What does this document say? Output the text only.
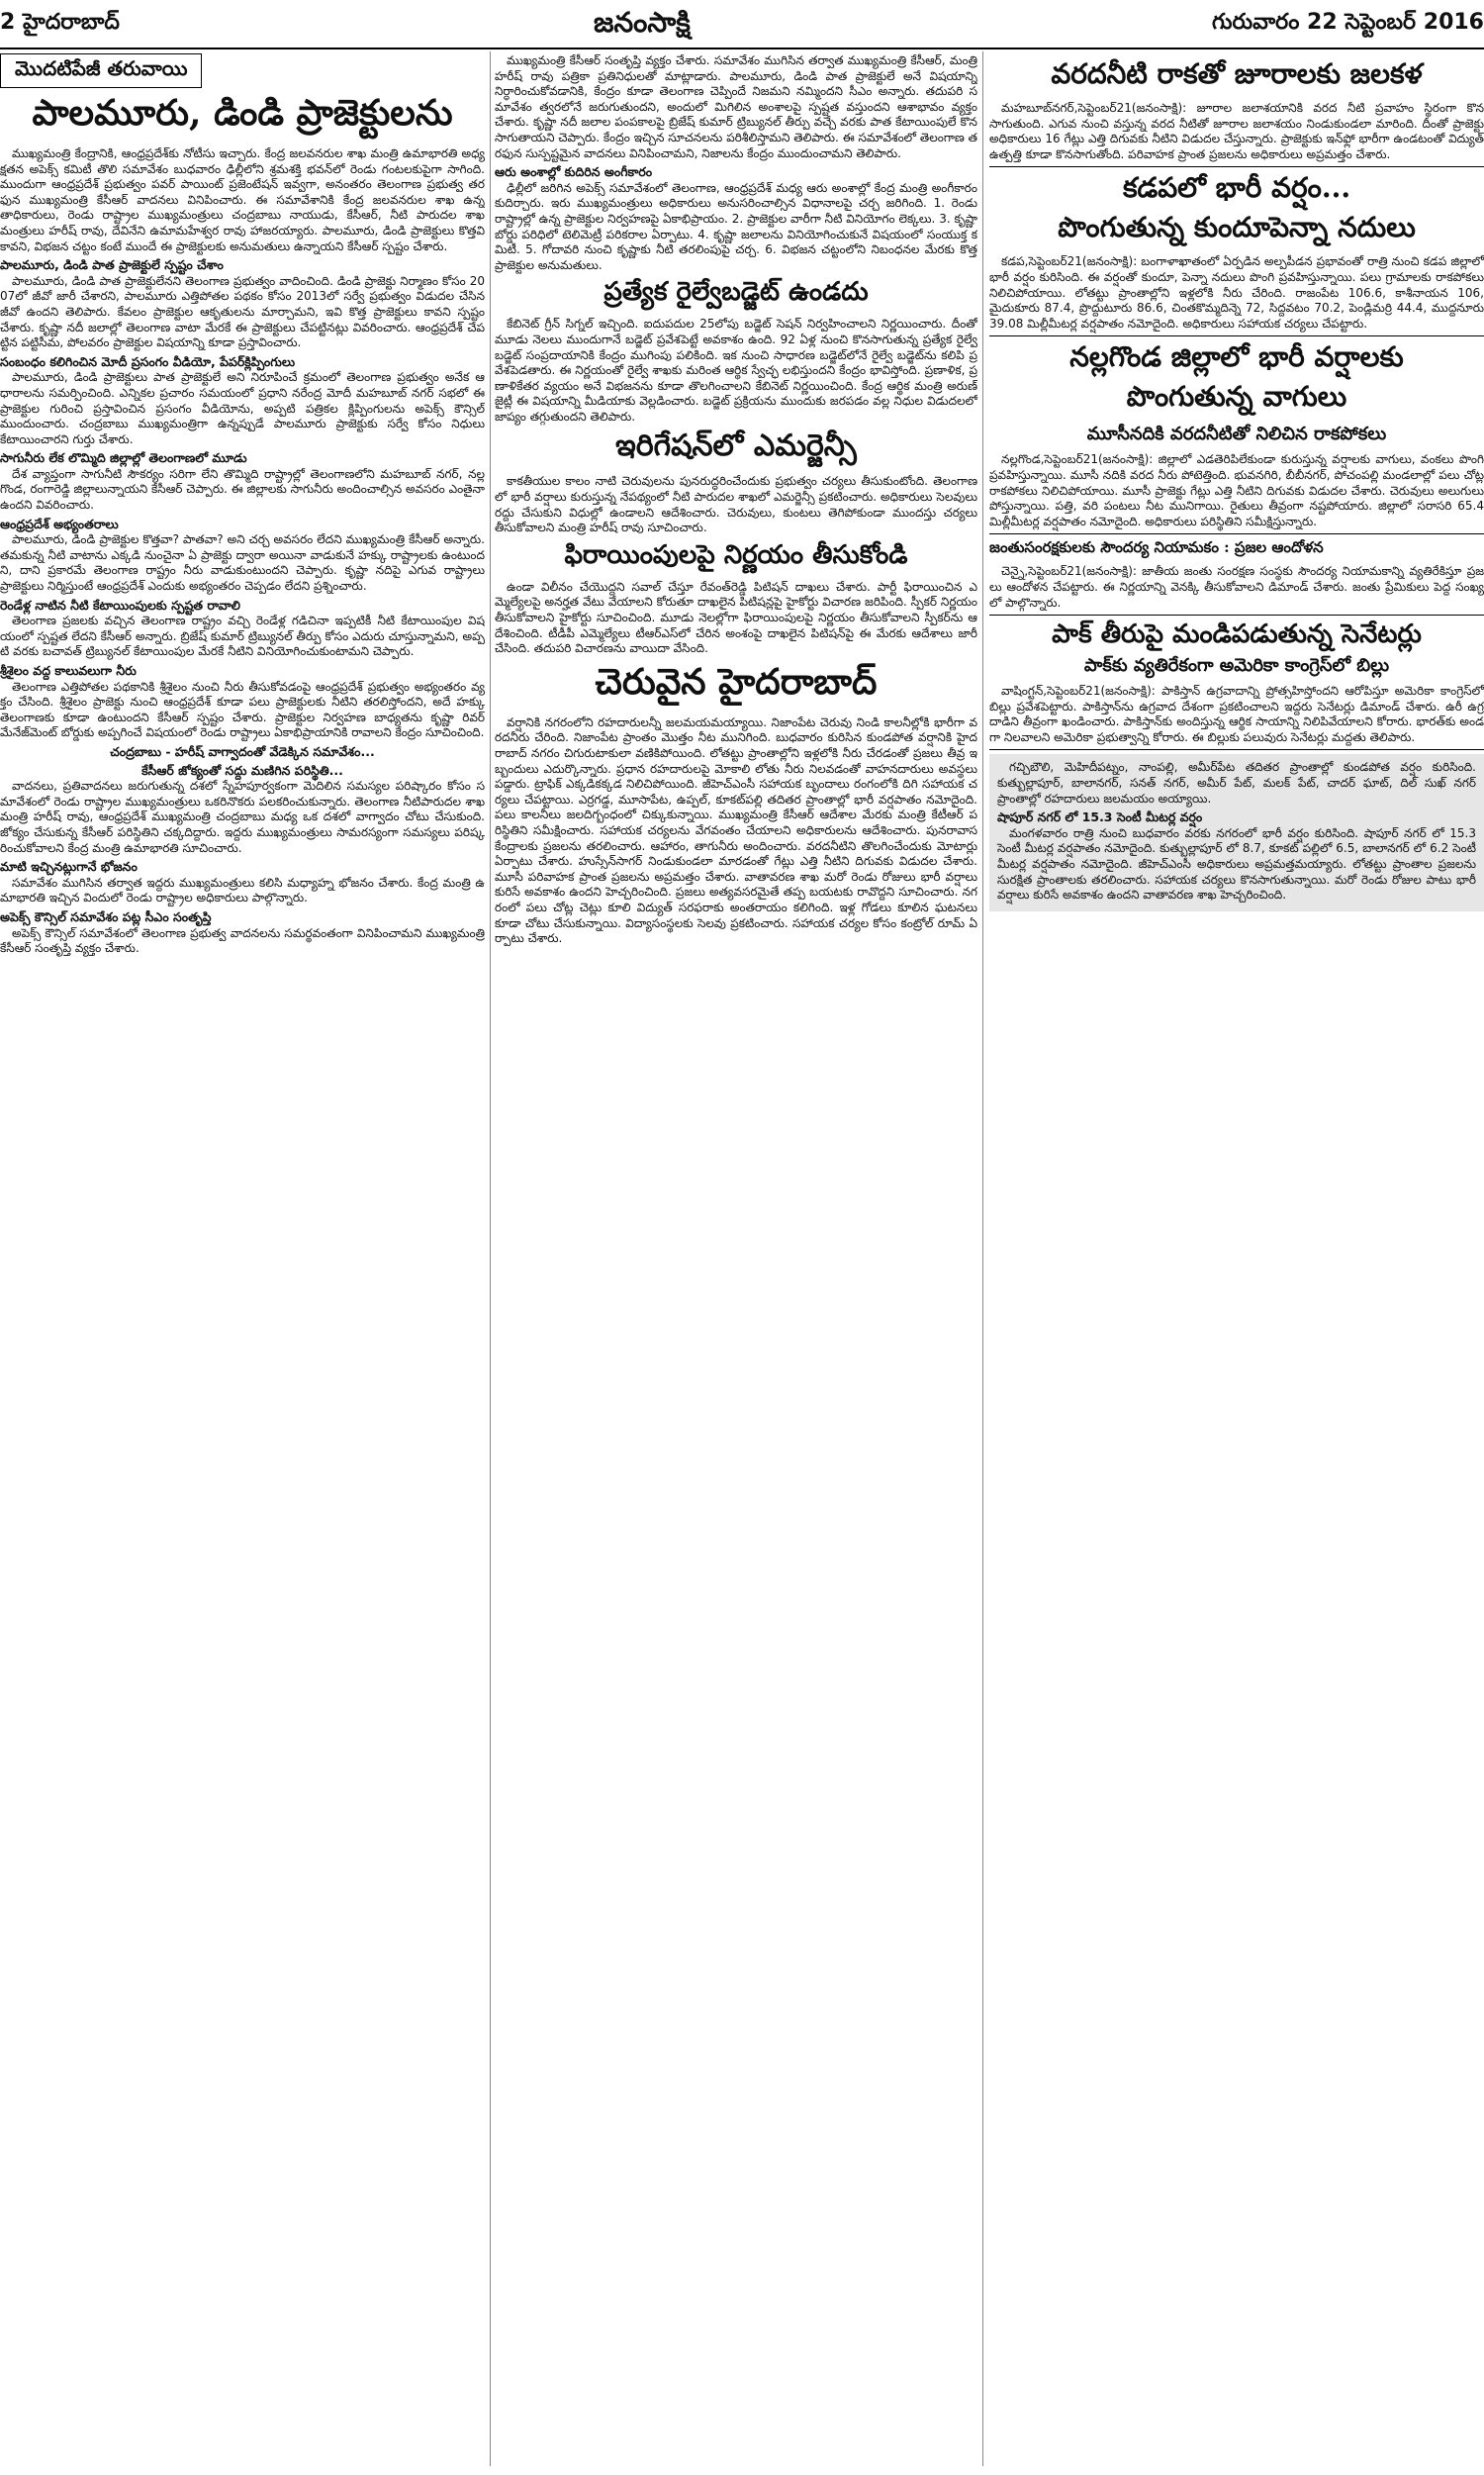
2 హైదరాబాద్	జనంసాక్షి	గురువారం 22 సెప్టెంబర్ 2016
మొదటిపేజీ తరువాయి
పాలమూరు, డిండి ప్రాజెక్టులను

ముఖ్యమంత్రి కేంద్రానికి, ఆంధ్రప్రదేశ్‌కు నోటీసు ఇచ్చారు. కేంద్ర జలవనరుల శాఖ మంత్రి ఉమాభారతి అధ్యక్షతన అపెక్స్‌ కమిటీ తొలి సమావేశం బుధవారం ఢిల్లీలోని శ్రమశక్తి భవన్‌లో రెండు గంటలకుపైగా సాగింది. ముందుగా ఆంధ్రప్రదేశ్‌ ప్రభుత్వం పవర్‌ పాయింట్‌ ప్రజెంటేషన్‌ ఇవ్వగా, అనంతరం తెలంగాణ ప్రభుత్వ తరఫున ముఖ్యమంత్రి కేసీఆర్‌ వాదనలు వినిపించారు. ఈ సమావేశానికి కేంద్ర జలవనరుల శాఖ ఉన్నతాధికారులు, రెండు రాష్ట్రాల ముఖ్యమంత్రులు చంద్రబాబు నాయుడు, కేసీఆర్‌, నీటి పారుదల శాఖ మంత్రులు హరీష్‌ రావు, దేవినేని ఉమామహేశ్వర రావు హాజరయ్యారు. పాలమూరు, డిండి ప్రాజెక్టులు కొత్తవి కావని, విభజన చట్టం కంటే ముందే ఈ ప్రాజెక్టులకు అనుమతులు ఉన్నాయని కేసీఆర్‌ స్పష్టం చేశారు.

పాలమూరు, డిండి పాత ప్రాజెక్టులే స్పష్టం చేశాం

పాలమూరు, డిండి పాత ప్రాజెక్టులేనని తెలంగాణ ప్రభుత్వం వాదించింది. డిండి ప్రాజెక్టు నిర్మాణం కోసం 2007లో జీవో జారీ చేశారని, పాలమూరు ఎత్తిపోతల పథకం కోసం 2013లో సర్వే ప్రభుత్వం విడుదల చేసిన జీవో ఉందని తెలిపారు. కేవలం ప్రాజెక్టుల ఆకృతులను మార్చామని, ఇవి కొత్త ప్రాజెక్టులు కావని స్పష్టం చేశారు. కృష్ణా నదీ జలాల్లో తెలంగాణ వాటా మేరకే ఈ ప్రాజెక్టులు చేపట్టినట్లు వివరించారు. ఆంధ్రప్రదేశ్‌ చేపట్టిన పట్టిసీమ, పోలవరం ప్రాజెక్టుల విషయాన్ని కూడా ప్రస్తావించారు.

సంబంధం కలిగించిన మోదీ ప్రసంగం వీడియో, పేపర్‌క్లిప్పింగులు

పాలమూరు, డిండి ప్రాజెక్టులు పాత ప్రాజెక్టులే అని నిరూపించే క్రమంలో తెలంగాణ ప్రభుత్వం అనేక ఆధారాలను సమర్పించింది. ఎన్నికల ప్రచారం సమయంలో ప్రధాని నరేంద్ర మోదీ మహబూబ్‌ నగర్‌ సభలో ఈ ప్రాజెక్టుల గురించి ప్రస్తావించిన ప్రసంగం వీడియోను, అప్పటి పత్రికల క్లిప్పింగులను అపెక్స్‌ కౌన్సిల్‌ ముందుంచారు. చంద్రబాబు ముఖ్యమంత్రిగా ఉన్నప్పుడే పాలమూరు ప్రాజెక్టుకు సర్వే కోసం నిధులు కేటాయించారని గుర్తు చేశారు.

సాగునీరు లేక లొమ్మిది జిల్లాల్లో తెలంగాణలో మూడు

దేశ వ్యాప్తంగా సాగునీటి సౌకర్యం సరిగా లేని తొమ్మిది రాష్ట్రాల్లో తెలంగాణలోని మహబూబ్‌ నగర్‌, నల్లగొండ, రంగారెడ్డి జిల్లాలున్నాయని కేసీఆర్‌ చెప్పారు. ఈ జిల్లాలకు సాగునీరు అందించాల్సిన అవసరం ఎంతైనా ఉందని వివరించారు.

ఆంధ్రప్రదేశ్‌ అభ్యంతరాలు

పాలమూరు, డిండి ప్రాజెక్టుల కొత్తవా? పాతవా? అని చర్చ అవసరం లేదని ముఖ్యమంత్రి కేసీఆర్‌ అన్నారు. తమకున్న నీటి వాటాను ఎక్కడి నుంచైనా ఏ ప్రాజెక్టు ద్వారా అయినా వాడుకునే హక్కు రాష్ట్రాలకు ఉంటుందని, దాని ప్రకారమే తెలంగాణ రాష్ట్రం నీరు వాడుకుంటుందని చెప్పారు. కృష్ణా నదిపై ఎగువ రాష్ట్రాలు ప్రాజెక్టులు నిర్మిస్తుంటే ఆంధ్రప్రదేశ్‌ ఎందుకు అభ్యంతరం చెప్పడం లేదని ప్రశ్నించారు.

రెండేళ్ల నాటిన నీటి కేటాయింపులకు స్పష్టత రావాలి

తెలంగాణ ప్రజలకు వచ్చిన తెలంగాణ రాష్ట్రం వచ్చి రెండేళ్ల గడిచినా ఇప్పటికీ నీటి కేటాయింపుల విషయంలో స్పష్టత లేదని కేసీఆర్‌ అన్నారు. బ్రిజేష్‌ కుమార్‌ ట్రిబ్యునల్‌ తీర్పు కోసం ఎదురు చూస్తున్నామని, అప్పటి వరకు బచావత్‌ ట్రిబ్యునల్‌ కేటాయింపుల మేరకే నీటిని వినియోగించుకుంటామని చెప్పారు.

శ్రీశైలం వద్ద కాలువలుగా నీరు

తెలంగాణ ఎత్తిపోతల పథకానికి శ్రీశైలం నుంచి నీరు తీసుకోవడంపై ఆంధ్రప్రదేశ్‌ ప్రభుత్వం అభ్యంతరం వ్యక్తం చేసింది. శ్రీశైలం ప్రాజెక్టు నుంచి ఆంధ్రప్రదేశ్‌ కూడా పలు ప్రాజెక్టులకు నీటిని తరలిస్తోందని, అదే హక్కు తెలంగాణకు కూడా ఉంటుందని కేసీఆర్‌ స్పష్టం చేశారు. ప్రాజెక్టుల నిర్వహణ బాధ్యతను కృష్ణా రివర్‌ మేనేజ్‌మెంట్‌ బోర్డుకు అప్పగించే విషయంలో రెండు రాష్ట్రాలు ఏకాభిప్రాయానికి రావాలని కేంద్రం సూచించింది.

చంద్రబాబు - హరీష్‌ వాగ్వాదంతో వేడెక్కిన సమావేశం...
కేసీఆర్‌ జోక్యంతో సద్దు మణిగిన పరిస్థితి...

వాదనలు, ప్రతివాదనలు జరుగుతున్న దశలో స్నేహపూర్వకంగా మెదిలిన సమస్యల పరిష్కారం కోసం సమావేశంలో రెండు రాష్ట్రాల ముఖ్యమంత్రులు ఒకరినొకరు పలకరించుకున్నారు. తెలంగాణ నీటిపారుదల శాఖ మంత్రి హరీష్‌ రావు, ఆంధ్రప్రదేశ్‌ ముఖ్యమంత్రి చంద్రబాబు మధ్య ఒక దశలో వాగ్వాదం చోటు చేసుకుంది. జోక్యం చేసుకున్న కేసీఆర్‌ పరిస్థితిని చక్కదిద్దారు. ఇద్దరు ముఖ్యమంత్రులు సామరస్యంగా సమస్యలు పరిష్కరించుకోవాలని కేంద్ర మంత్రి ఉమాభారతి సూచించారు.

మాటి ఇచ్చినట్లుగానే భోజనం

సమావేశం ముగిసిన తర్వాత ఇద్దరు ముఖ్యమంత్రులు కలిసి మధ్యాహ్న భోజనం చేశారు. కేంద్ర మంత్రి ఉమాభారతి ఇచ్చిన విందులో రెండు రాష్ట్రాల అధికారులు పాల్గొన్నారు.

అపెక్స్‌ కౌన్సిల్‌ సమావేశం పట్ల సీఎం సంతృప్తి

అపెక్స్‌ కౌన్సిల్‌ సమావేశంలో తెలంగాణ ప్రభుత్వ వాదనలను సమర్థవంతంగా వినిపించామని ముఖ్యమంత్రి కేసీఆర్‌ సంతృప్తి వ్యక్తం చేశారు.

ముఖ్యమంత్రి కేసీఆర్‌ సంతృప్తి వ్యక్తం చేశారు. సమావేశం ముగిసిన తర్వాత ముఖ్యమంత్రి కేసీఆర్‌, మంత్రి హరీష్‌ రావు పత్రికా ప్రతినిధులతో మాట్లాడారు. పాలమూరు, డిండి పాత ప్రాజెక్టులే అనే విషయాన్ని నిర్ధారించుకోవడానికి, కేంద్రం కూడా తెలంగాణ చెప్పిందే నిజమని నమ్మిందని సీఎం అన్నారు. తదుపరి సమావేశం త్వరలోనే జరుగుతుందని, అందులో మిగిలిన అంశాలపై స్పష్టత వస్తుందని ఆశాభావం వ్యక్తం చేశారు. కృష్ణా నదీ జలాల పంపకాలపై బ్రిజేష్‌ కుమార్‌ ట్రిబ్యునల్‌ తీర్పు వచ్చే వరకు పాత కేటాయింపులే కొనసాగుతాయని చెప్పారు. కేంద్రం ఇచ్చిన సూచనలను పరిశీలిస్తామని తెలిపారు. ఈ సమావేశంలో తెలంగాణ తరఫున సుస్పష్టమైన వాదనలు వినిపించామని, నిజాలను కేంద్రం ముందుంచామని తెలిపారు.

ఆరు అంశాల్లో కుదిరిన అంగీకారం

ఢిల్లీలో జరిగిన అపెక్స్‌ సమావేశంలో తెలంగాణ, ఆంధ్రప్రదేశ్‌ మధ్య ఆరు అంశాల్లో కేంద్ర మంత్రి అంగీకారం కుదిర్చారు. ఇరు ముఖ్యమంత్రులు అధికారులు అనుసరించాల్సిన విధానాలపై చర్చ జరిగింది. 1. రెండు రాష్ట్రాల్లో ఉన్న ప్రాజెక్టుల నిర్వహణపై ఏకాభిప్రాయం. 2. ప్రాజెక్టుల వారీగా నీటి వినియోగం లెక్కలు. 3. కృష్ణా బోర్డు పరిధిలో టెలిమెట్రీ పరికరాల ఏర్పాటు. 4. కృష్ణా జలాలను వినియోగించుకునే విషయంలో సంయుక్త కమిటీ. 5. గోదావరి నుంచి కృష్ణాకు నీటి తరలింపుపై చర్చ. 6. విభజన చట్టంలోని నిబంధనల మేరకు కొత్త ప్రాజెక్టుల అనుమతులు.

ప్రత్యేక రైల్వేబడ్జెట్‌ ఉండదు

కేబినెట్‌ గ్రీన్‌ సిగ్నల్‌ ఇచ్చింది. ఐదుపదుల 25లోపు బడ్జెట్‌ సెషన్‌ నిర్వహించాలని నిర్ణయించారు. దీంతో మూడు నెలలు ముందుగానే బడ్జెట్‌ ప్రవేశపెట్టే అవకాశం ఉంది. 92 ఏళ్ల నుంచి కొనసాగుతున్న ప్రత్యేక రైల్వే బడ్జెట్‌ సంప్రదాయానికి కేంద్రం ముగింపు పలికింది. ఇక నుంచి సాధారణ బడ్జెట్‌లోనే రైల్వే బడ్జెట్‌ను కలిపి ప్రవేశపెడతారు. ఈ నిర్ణయంతో రైల్వే శాఖకు మరింత ఆర్థిక స్వేచ్ఛ లభిస్తుందని కేంద్రం భావిస్తోంది. ప్రణాళిక, ప్రణాళికేతర వ్యయం అనే విభజనను కూడా తొలగించాలని కేబినెట్‌ నిర్ణయించింది. కేంద్ర ఆర్థిక మంత్రి అరుణ్‌ జైట్లీ ఈ విషయాన్ని మీడియాకు వెల్లడించారు. బడ్జెట్‌ ప్రక్రియను ముందుకు జరపడం వల్ల నిధుల విడుదలలో జాప్యం తగ్గుతుందని తెలిపారు.

ఇరిగేషన్‌లో ఎమర్జెన్సీ

కాకతీయుల కాలం నాటి చెరువులను పునరుద్ధరించేందుకు ప్రభుత్వం చర్యలు తీసుకుంటోంది. తెలంగాణలో భారీ వర్షాలు కురుస్తున్న నేపథ్యంలో నీటి పారుదల శాఖలో ఎమర్జెన్సీ ప్రకటించారు. అధికారులు సెలవులు రద్దు చేసుకుని విధుల్లో ఉండాలని ఆదేశించారు. చెరువులు, కుంటలు తెగిపోకుండా ముందస్తు చర్యలు తీసుకోవాలని మంత్రి హరీష్‌ రావు సూచించారు.

ఫిరాయింపులపై నిర్ణయం తీసుకోండి

ఉండా విలీనం చేయొద్దని సవాల్‌ చేస్తూ రేవంత్‌రెడ్డి పిటిషన్‌ దాఖలు చేశారు. పార్టీ ఫిరాయించిన ఎమ్మెల్యేలపై అనర్హత వేటు వేయాలని కోరుతూ దాఖలైన పిటిషన్లపై హైకోర్టు విచారణ జరిపింది. స్పీకర్‌ నిర్ణయం తీసుకోవాలని హైకోర్టు సూచించింది. మూడు నెలల్లోగా ఫిరాయింపులపై నిర్ణయం తీసుకోవాలని స్పీకర్‌ను ఆదేశించింది. టీడీపీ ఎమ్మెల్యేలు టీఆర్‌ఎస్‌లో చేరిన అంశంపై దాఖలైన పిటిషన్‌పై ఈ మేరకు ఆదేశాలు జారీ చేసింది. తదుపరి విచారణను వాయిదా వేసింది.

చెరువైన హైదరాబాద్‌

వర్షానికి నగరంలోని రహదారులన్నీ జలమయమయ్యాయి. నిజాంపేట చెరువు నిండి కాలనీల్లోకి భారీగా వరదనీరు చేరింది. నిజాంపేట ప్రాంతం మొత్తం నీట మునిగింది. బుధవారం కురిసిన కుండపోత వర్షానికి హైదరాబాద్‌ నగరం చిగురుటాకులా వణికిపోయింది. లోతట్టు ప్రాంతాల్లోని ఇళ్లలోకి నీరు చేరడంతో ప్రజలు తీవ్ర ఇబ్బందులు ఎదుర్కొన్నారు. ప్రధాన రహదారులపై మోకాలి లోతు నీరు నిలవడంతో వాహనదారులు అవస్థలు పడ్డారు. ట్రాఫిక్‌ ఎక్కడికక్కడ నిలిచిపోయింది. జీహెచ్‌ఎంసీ సహాయక బృందాలు రంగంలోకి దిగి సహాయక చర్యలు చేపట్టాయి. ఎర్రగడ్డ, మూసాపేట, ఉప్పల్‌, కూకట్‌పల్లి తదితర ప్రాంతాల్లో భారీ వర్షపాతం నమోదైంది. పలు కాలనీలు జలదిగ్బంధంలో చిక్కుకున్నాయి. ముఖ్యమంత్రి కేసీఆర్‌ ఆదేశాల మేరకు మంత్రి కేటీఆర్‌ పరిస్థితిని సమీక్షించారు. సహాయక చర్యలను వేగవంతం చేయాలని అధికారులను ఆదేశించారు. పునరావాస కేంద్రాలకు ప్రజలను తరలించారు. ఆహారం, తాగునీరు అందించారు. వరదనీటిని తొలగించేందుకు మోటార్లు ఏర్పాటు చేశారు. హుస్సేన్‌సాగర్‌ నిండుకుండలా మారడంతో గేట్లు ఎత్తి నీటిని దిగువకు విడుదల చేశారు. మూసీ పరివాహక ప్రాంత ప్రజలను అప్రమత్తం చేశారు. వాతావరణ శాఖ మరో రెండు రోజులు భారీ వర్షాలు కురిసే అవకాశం ఉందని హెచ్చరించింది. ప్రజలు అత్యవసరమైతే తప్ప బయటకు రావొద్దని సూచించారు. నగరంలో పలు చోట్ల చెట్లు కూలి విద్యుత్‌ సరఫరాకు అంతరాయం కలిగింది. ఇళ్ల గోడలు కూలిన ఘటనలు కూడా చోటు చేసుకున్నాయి. విద్యాసంస్థలకు సెలవు ప్రకటించారు. సహాయక చర్యల కోసం కంట్రోల్‌ రూమ్‌ ఏర్పాటు చేశారు.

వరదనీటి రాకతో జూరాలకు జలకళ

మహబూబ్‌నగర్‌,సెప్టెంబర్‌21(జనంసాక్షి): జూరాల జలాశయానికి వరద నీటి ప్రవాహం స్థిరంగా కొనసాగుతుంది. ఎగువ నుంచి వస్తున్న వరద నీటితో జూరాల జలాశయం నిండుకుండలా మారింది. దీంతో ప్రాజెక్టు అధికారులు 16 గేట్లు ఎత్తి దిగువకు నీటిని విడుదల చేస్తున్నారు. ప్రాజెక్టుకు ఇన్‌ఫ్లో భారీగా ఉండటంతో విద్యుత్‌ ఉత్పత్తి కూడా కొనసాగుతోంది. పరివాహక ప్రాంత ప్రజలను అధికారులు అప్రమత్తం చేశారు.

కడపలో భారీ వర్షం...
పొంగుతున్న కుందూపెన్నా నదులు

కడప,సెప్టెంబర్‌21(జనంసాక్షి): బంగాళాఖాతంలో ఏర్పడిన అల్పపీడన ప్రభావంతో రాత్రి నుంచి కడప జిల్లాలో భారీ వర్షం కురిసింది. ఈ వర్షంతో కుందూ, పెన్నా నదులు పొంగి ప్రవహిస్తున్నాయి. పలు గ్రామాలకు రాకపోకలు నిలిచిపోయాయి. లోతట్టు ప్రాంతాల్లోని ఇళ్లలోకి నీరు చేరింది. రాజంపేట 106.6, కాశీనాయన 106, మైదుకూరు 87.4, ప్రొద్దుటూరు 86.6, చింతకొమ్మదిన్నె 72, సిద్దవటం 70.2, పెండ్లిమర్రి 44.4, ముద్దనూరు 39.08 మిల్లీమీటర్ల వర్షపాతం నమోదైంది. అధికారులు సహాయక చర్యలు చేపట్టారు.

నల్లగొండ జిల్లాలో భారీ వర్షాలకు
పొంగుతున్న వాగులు
మూసీనదికి వరదనీటితో నిలిచిన రాకపోకలు

నల్లగొండ,సెప్టెంబర్‌21(జనంసాక్షి): జిల్లాలో ఎడతెరిపిలేకుండా కురుస్తున్న వర్షాలకు వాగులు, వంకలు పొంగి ప్రవహిస్తున్నాయి. మూసీ నదికి వరద నీరు పోటెత్తింది. భువనగిరి, బీబీనగర్‌, పోచంపల్లి మండలాల్లో పలు చోట్ల రాకపోకలు నిలిచిపోయాయి. మూసీ ప్రాజెక్టు గేట్లు ఎత్తి నీటిని దిగువకు విడుదల చేశారు. చెరువులు అలుగులు పోస్తున్నాయి. పత్తి, వరి పంటలు నీట మునిగాయి. రైతులు తీవ్రంగా నష్టపోయారు. జిల్లాలో సరాసరి 65.4 మిల్లీమీటర్ల వర్షపాతం నమోదైంది. అధికారులు పరిస్థితిని సమీక్షిస్తున్నారు.

జంతుసంరక్షకులకు సౌందర్య నియామకం : ప్రజల ఆందోళన

చెన్నై,సెప్టెంబర్‌21(జనంసాక్షి): జాతీయ జంతు సంరక్షణ సంస్థకు సౌందర్య నియామకాన్ని వ్యతిరేకిస్తూ ప్రజలు ఆందోళన చేపట్టారు. ఈ నిర్ణయాన్ని వెనక్కి తీసుకోవాలని డిమాండ్‌ చేశారు. జంతు ప్రేమికులు పెద్ద సంఖ్యలో పాల్గొన్నారు.

పాక్‌ తీరుపై మండిపడుతున్న సెనేటర్లు
పాక్‌కు వ్యతిరేకంగా అమెరికా కాంగ్రెస్‌లో బిల్లు

వాషింగ్టన్‌,సెప్టెంబర్‌21(జనంసాక్షి): పాకిస్తాన్‌ ఉగ్రవాదాన్ని ప్రోత్సహిస్తోందని ఆరోపిస్తూ అమెరికా కాంగ్రెస్‌లో బిల్లు ప్రవేశపెట్టారు. పాకిస్తాన్‌ను ఉగ్రవాద దేశంగా ప్రకటించాలని ఇద్దరు సెనేటర్లు డిమాండ్‌ చేశారు. ఉరీ ఉగ్రదాడిని తీవ్రంగా ఖండించారు. పాకిస్తాన్‌కు అందిస్తున్న ఆర్థిక సాయాన్ని నిలిపివేయాలని కోరారు. భారత్‌కు అండగా నిలవాలని అమెరికా ప్రభుత్వాన్ని కోరారు. ఈ బిల్లుకు పలువురు సెనేటర్లు మద్దతు తెలిపారు.

గచ్చిబౌలి, మెహిదీపట్నం, నాంపల్లి, అమీర్‌పేట తదితర ప్రాంతాల్లో కుండపోత వర్షం కురిసింది. కుత్బుల్లాపూర్‌, బాలానగర్‌, సనత్‌ నగర్‌, అమీర్‌ పేట్‌, మలక్‌ పేట్‌, చాదర్‌ ఘాట్‌, దిల్‌ సుఖ్‌ నగర్‌ ప్రాంతాల్లో రహదారులు జలమయం అయ్యాయి.

షాపూర్‌ నగర్‌ లో 15.3 సెంటీ మీటర్ల వర్షం

మంగళవారం రాత్రి నుంచి బుధవారం వరకు నగరంలో భారీ వర్షం కురిసింది. షాపూర్‌ నగర్‌ లో 15.3 సెంటీ మీటర్ల వర్షపాతం నమోదైంది. కుత్బుల్లాపూర్‌ లో 8.7, కూకట్‌ పల్లిలో 6.5, బాలానగర్‌ లో 6.2 సెంటీ మీటర్ల వర్షపాతం నమోదైంది. జీహెచ్‌ఎంసీ అధికారులు అప్రమత్తమయ్యారు. లోతట్టు ప్రాంతాల ప్రజలను సురక్షిత ప్రాంతాలకు తరలించారు. సహాయక చర్యలు కొనసాగుతున్నాయి. మరో రెండు రోజుల పాటు భారీ వర్షాలు కురిసే అవకాశం ఉందని వాతావరణ శాఖ హెచ్చరించింది.
